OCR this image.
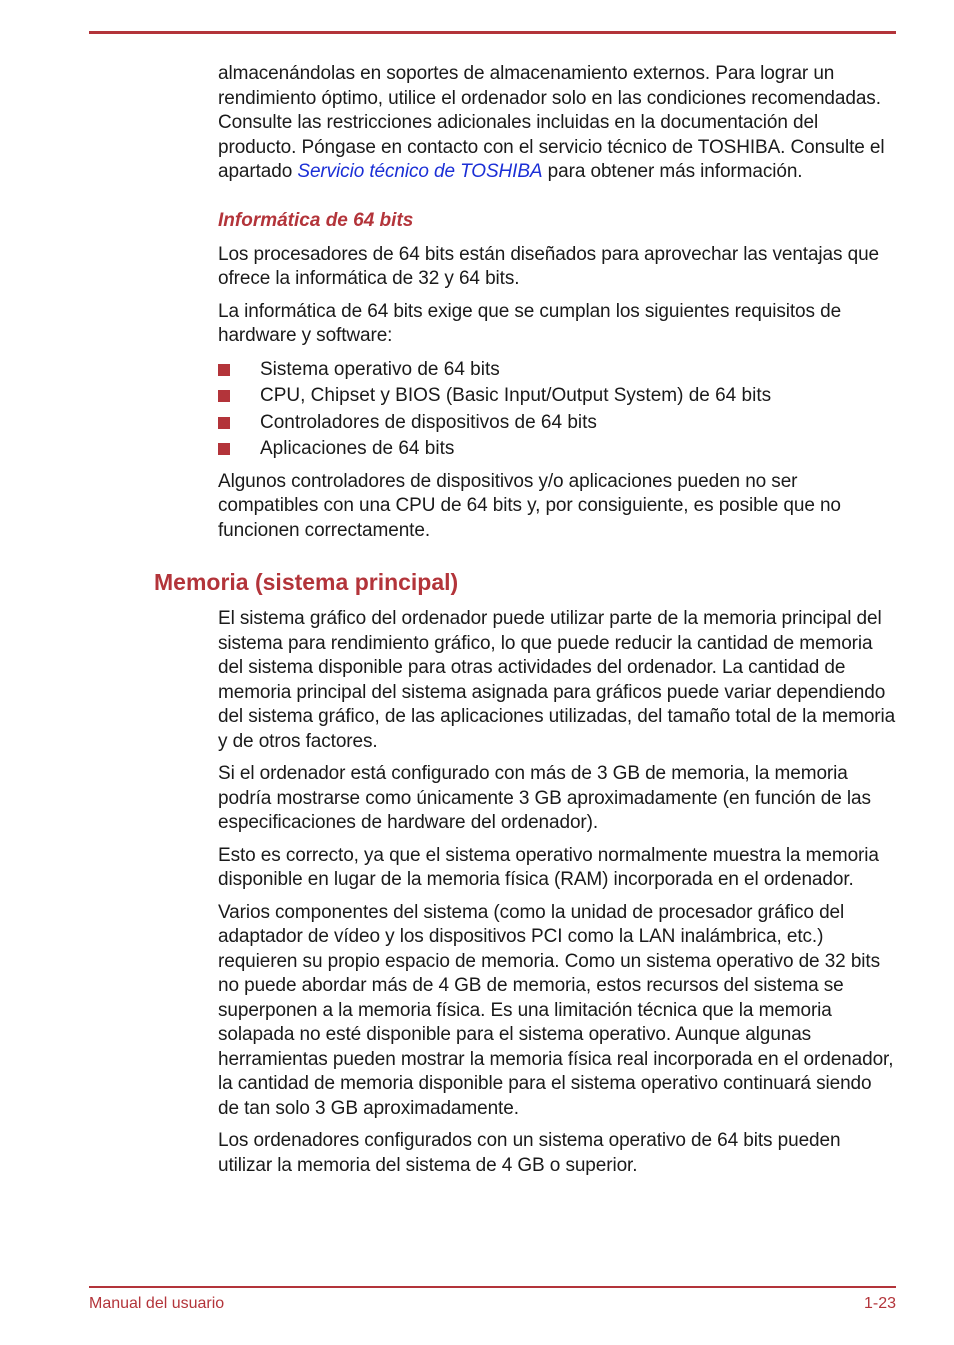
almacenándolas en soportes de almacenamiento externos. Para lograr un rendimiento óptimo, utilice el ordenador solo en las condiciones recomendadas. Consulte las restricciones adicionales incluidas en la documentación del producto. Póngase en contacto con el servicio técnico de TOSHIBA. Consulte el apartado Servicio técnico de TOSHIBA para obtener más información.

Informática de 64 bits

Los procesadores de 64 bits están diseñados para aprovechar las ventajas que ofrece la informática de 32 y 64 bits.

La informática de 64 bits exige que se cumplan los siguientes requisitos de hardware y software:

Sistema operativo de 64 bits
CPU, Chipset y BIOS (Basic Input/Output System) de 64 bits
Controladores de dispositivos de 64 bits
Aplicaciones de 64 bits

Algunos controladores de dispositivos y/o aplicaciones pueden no ser compatibles con una CPU de 64 bits y, por consiguiente, es posible que no funcionen correctamente.

Memoria (sistema principal)

El sistema gráfico del ordenador puede utilizar parte de la memoria principal del sistema para rendimiento gráfico, lo que puede reducir la cantidad de memoria del sistema disponible para otras actividades del ordenador. La cantidad de memoria principal del sistema asignada para gráficos puede variar dependiendo del sistema gráfico, de las aplicaciones utilizadas, del tamaño total de la memoria y de otros factores.

Si el ordenador está configurado con más de 3 GB de memoria, la memoria podría mostrarse como únicamente 3 GB aproximadamente (en función de las especificaciones de hardware del ordenador).

Esto es correcto, ya que el sistema operativo normalmente muestra la memoria disponible en lugar de la memoria física (RAM) incorporada en el ordenador.

Varios componentes del sistema (como la unidad de procesador gráfico del adaptador de vídeo y los dispositivos PCI como la LAN inalámbrica, etc.) requieren su propio espacio de memoria. Como un sistema operativo de 32 bits no puede abordar más de 4 GB de memoria, estos recursos del sistema se superponen a la memoria física. Es una limitación técnica que la memoria solapada no esté disponible para el sistema operativo. Aunque algunas herramientas pueden mostrar la memoria física real incorporada en el ordenador, la cantidad de memoria disponible para el sistema operativo continuará siendo de tan solo 3 GB aproximadamente.

Los ordenadores configurados con un sistema operativo de 64 bits pueden utilizar la memoria del sistema de 4 GB o superior.

Manual del usuario	1-23
